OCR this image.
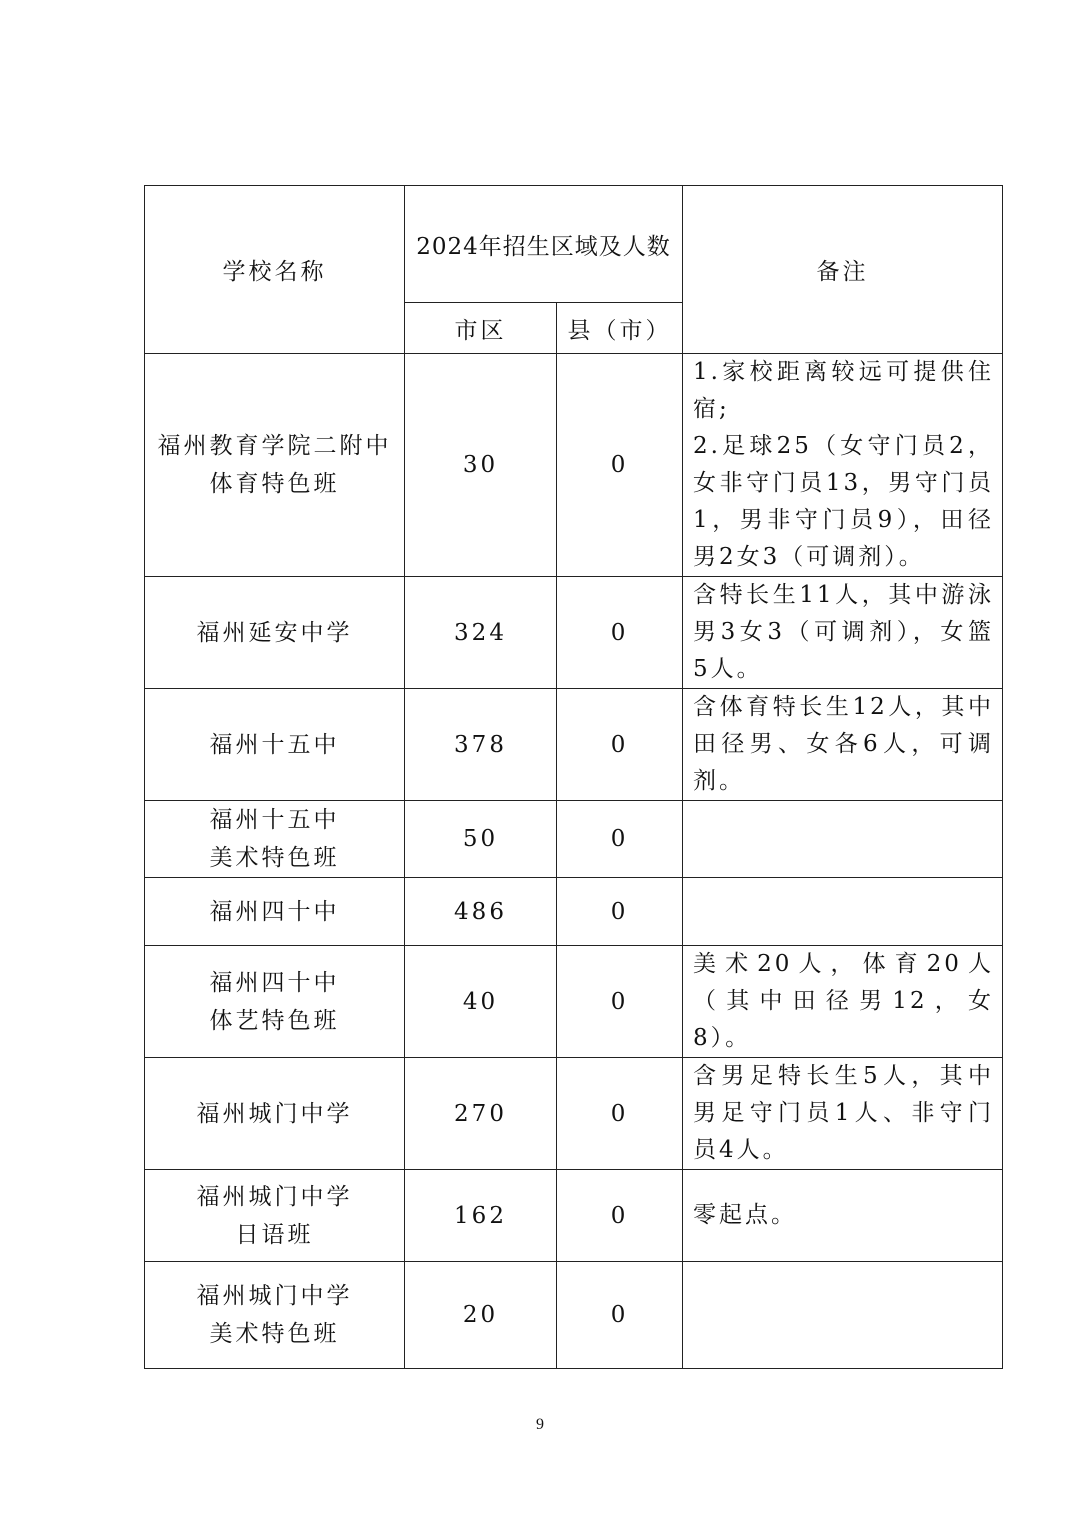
学校名称	2024年招生区域及人数		备注
	市区	县（市）	

福州教育学院二附中
体育特色班	30	0	1.家校距离较远可提供住宿;
2.足球25（女守门员2，女非守门员13，男守门员1，男非守门员9），田径男2女3（可调剂）。

福州延安中学	324	0	含特长生11人，其中游泳男3女3（可调剂），女篮5人。

福州十五中	378	0	含体育特长生12人，其中田径男、女各6人，可调剂。

福州十五中
美术特色班	50	0	

福州四十中	486	0	

福州四十中
体艺特色班	40	0	美术20人，体育20人（其中田径男12，女8）。

福州城门中学	270	0	含男足特长生5人，其中男足守门员1人、非守门员4人。

福州城门中学
日语班	162	0	零起点。

福州城门中学
美术特色班	20	0	
9
